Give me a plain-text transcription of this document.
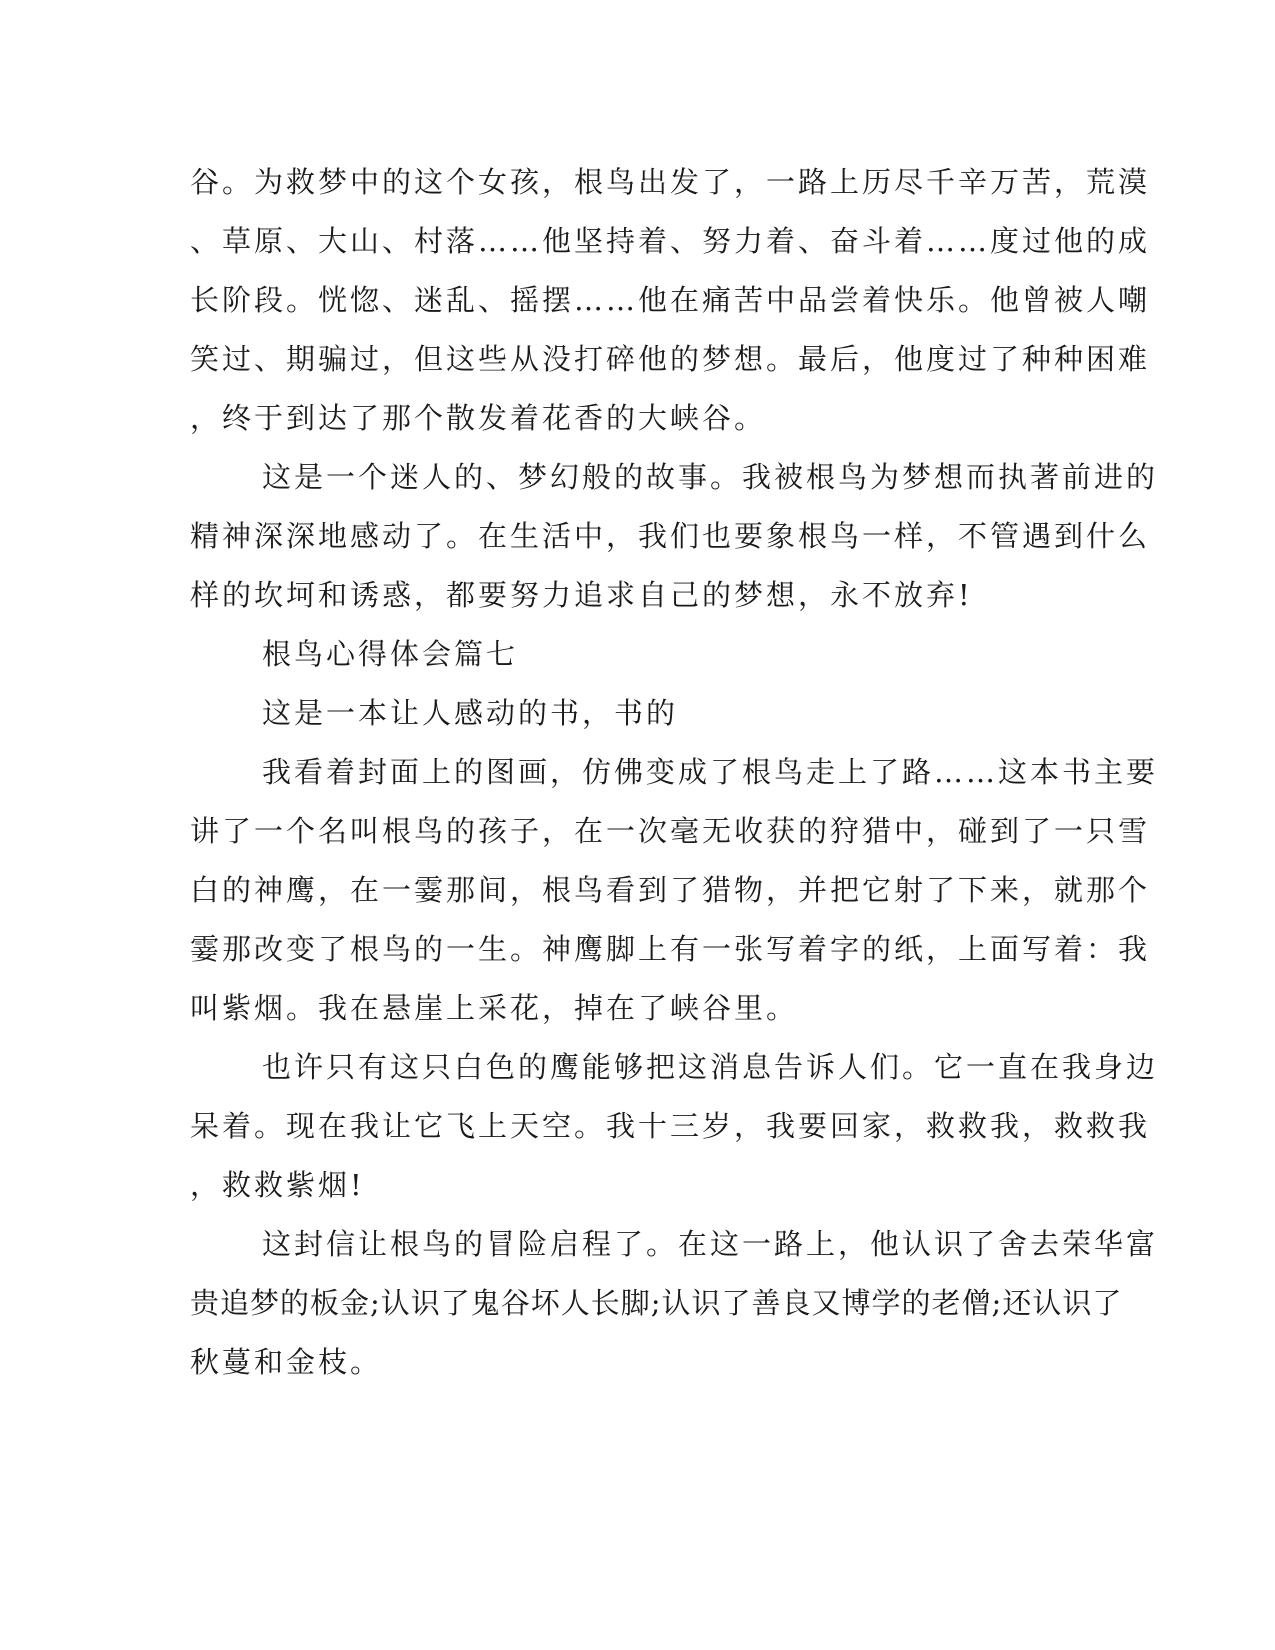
谷。为救梦中的这个女孩，根鸟出发了，一路上历尽千辛万苦，荒漠
、草原、大山、村落……他坚持着、努力着、奋斗着……度过他的成
长阶段。恍惚、迷乱、摇摆……他在痛苦中品尝着快乐。他曾被人嘲
笑过、期骗过，但这些从没打碎他的梦想。最后，他度过了种种困难
，终于到达了那个散发着花香的大峡谷。
这是一个迷人的、梦幻般的故事。我被根鸟为梦想而执著前进的
精神深深地感动了。在生活中，我们也要象根鸟一样，不管遇到什么
样的坎坷和诱惑，都要努力追求自己的梦想，永不放弃!
根鸟心得体会篇七
这是一本让人感动的书，书的
我看着封面上的图画，仿佛变成了根鸟走上了路……这本书主要
讲了一个名叫根鸟的孩子，在一次毫无收获的狩猎中，碰到了一只雪
白的神鹰，在一霎那间，根鸟看到了猎物，并把它射了下来，就那个
霎那改变了根鸟的一生。神鹰脚上有一张写着字的纸，上面写着：我
叫紫烟。我在悬崖上采花，掉在了峡谷里。
也许只有这只白色的鹰能够把这消息告诉人们。它一直在我身边
呆着。现在我让它飞上天空。我十三岁，我要回家，救救我，救救我
，救救紫烟!
这封信让根鸟的冒险启程了。在这一路上，他认识了舍去荣华富
贵追梦的板金;认识了鬼谷坏人长脚;认识了善良又博学的老僧;还认识了
秋蔓和金枝。
